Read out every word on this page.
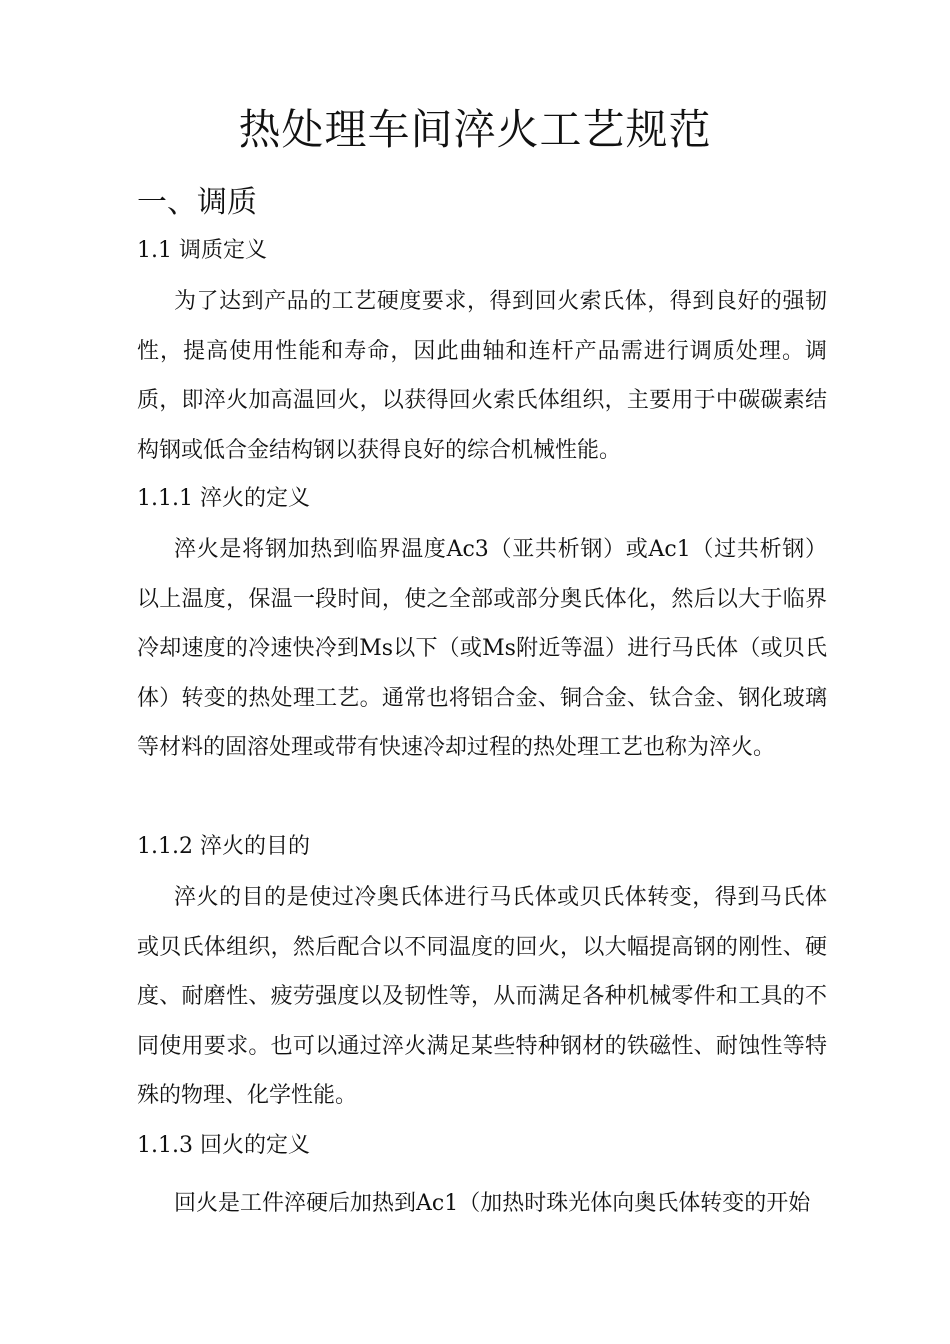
热处理车间淬火工艺规范
一、调质
1.1 调质定义

为了达到产品的工艺硬度要求，得到回火索氏体，得到良好的强韧性，提高使用性能和寿命，因此曲轴和连杆产品需进行调质处理。调质，即淬火加高温回火，以获得回火索氏体组织，主要用于中碳碳素结构钢或低合金结构钢以获得良好的综合机械性能。

1.1.1 淬火的定义

淬火是将钢加热到临界温度Ac3（亚共析钢）或Ac1（过共析钢）以上温度，保温一段时间，使之全部或部分奥氏体化，然后以大于临界冷却速度的冷速快冷到Ms以下（或Ms附近等温）进行马氏体（或贝氏体）转变的热处理工艺。通常也将铝合金、铜合金、钛合金、钢化玻璃等材料的固溶处理或带有快速冷却过程的热处理工艺也称为淬火。

1.1.2 淬火的目的

淬火的目的是使过冷奥氏体进行马氏体或贝氏体转变，得到马氏体或贝氏体组织，然后配合以不同温度的回火，以大幅提高钢的刚性、硬度、耐磨性、疲劳强度以及韧性等，从而满足各种机械零件和工具的不同使用要求。也可以通过淬火满足某些特种钢材的铁磁性、耐蚀性等特殊的物理、化学性能。

1.1.3 回火的定义

回火是工件淬硬后加热到Ac1（加热时珠光体向奥氏体转变的开始
